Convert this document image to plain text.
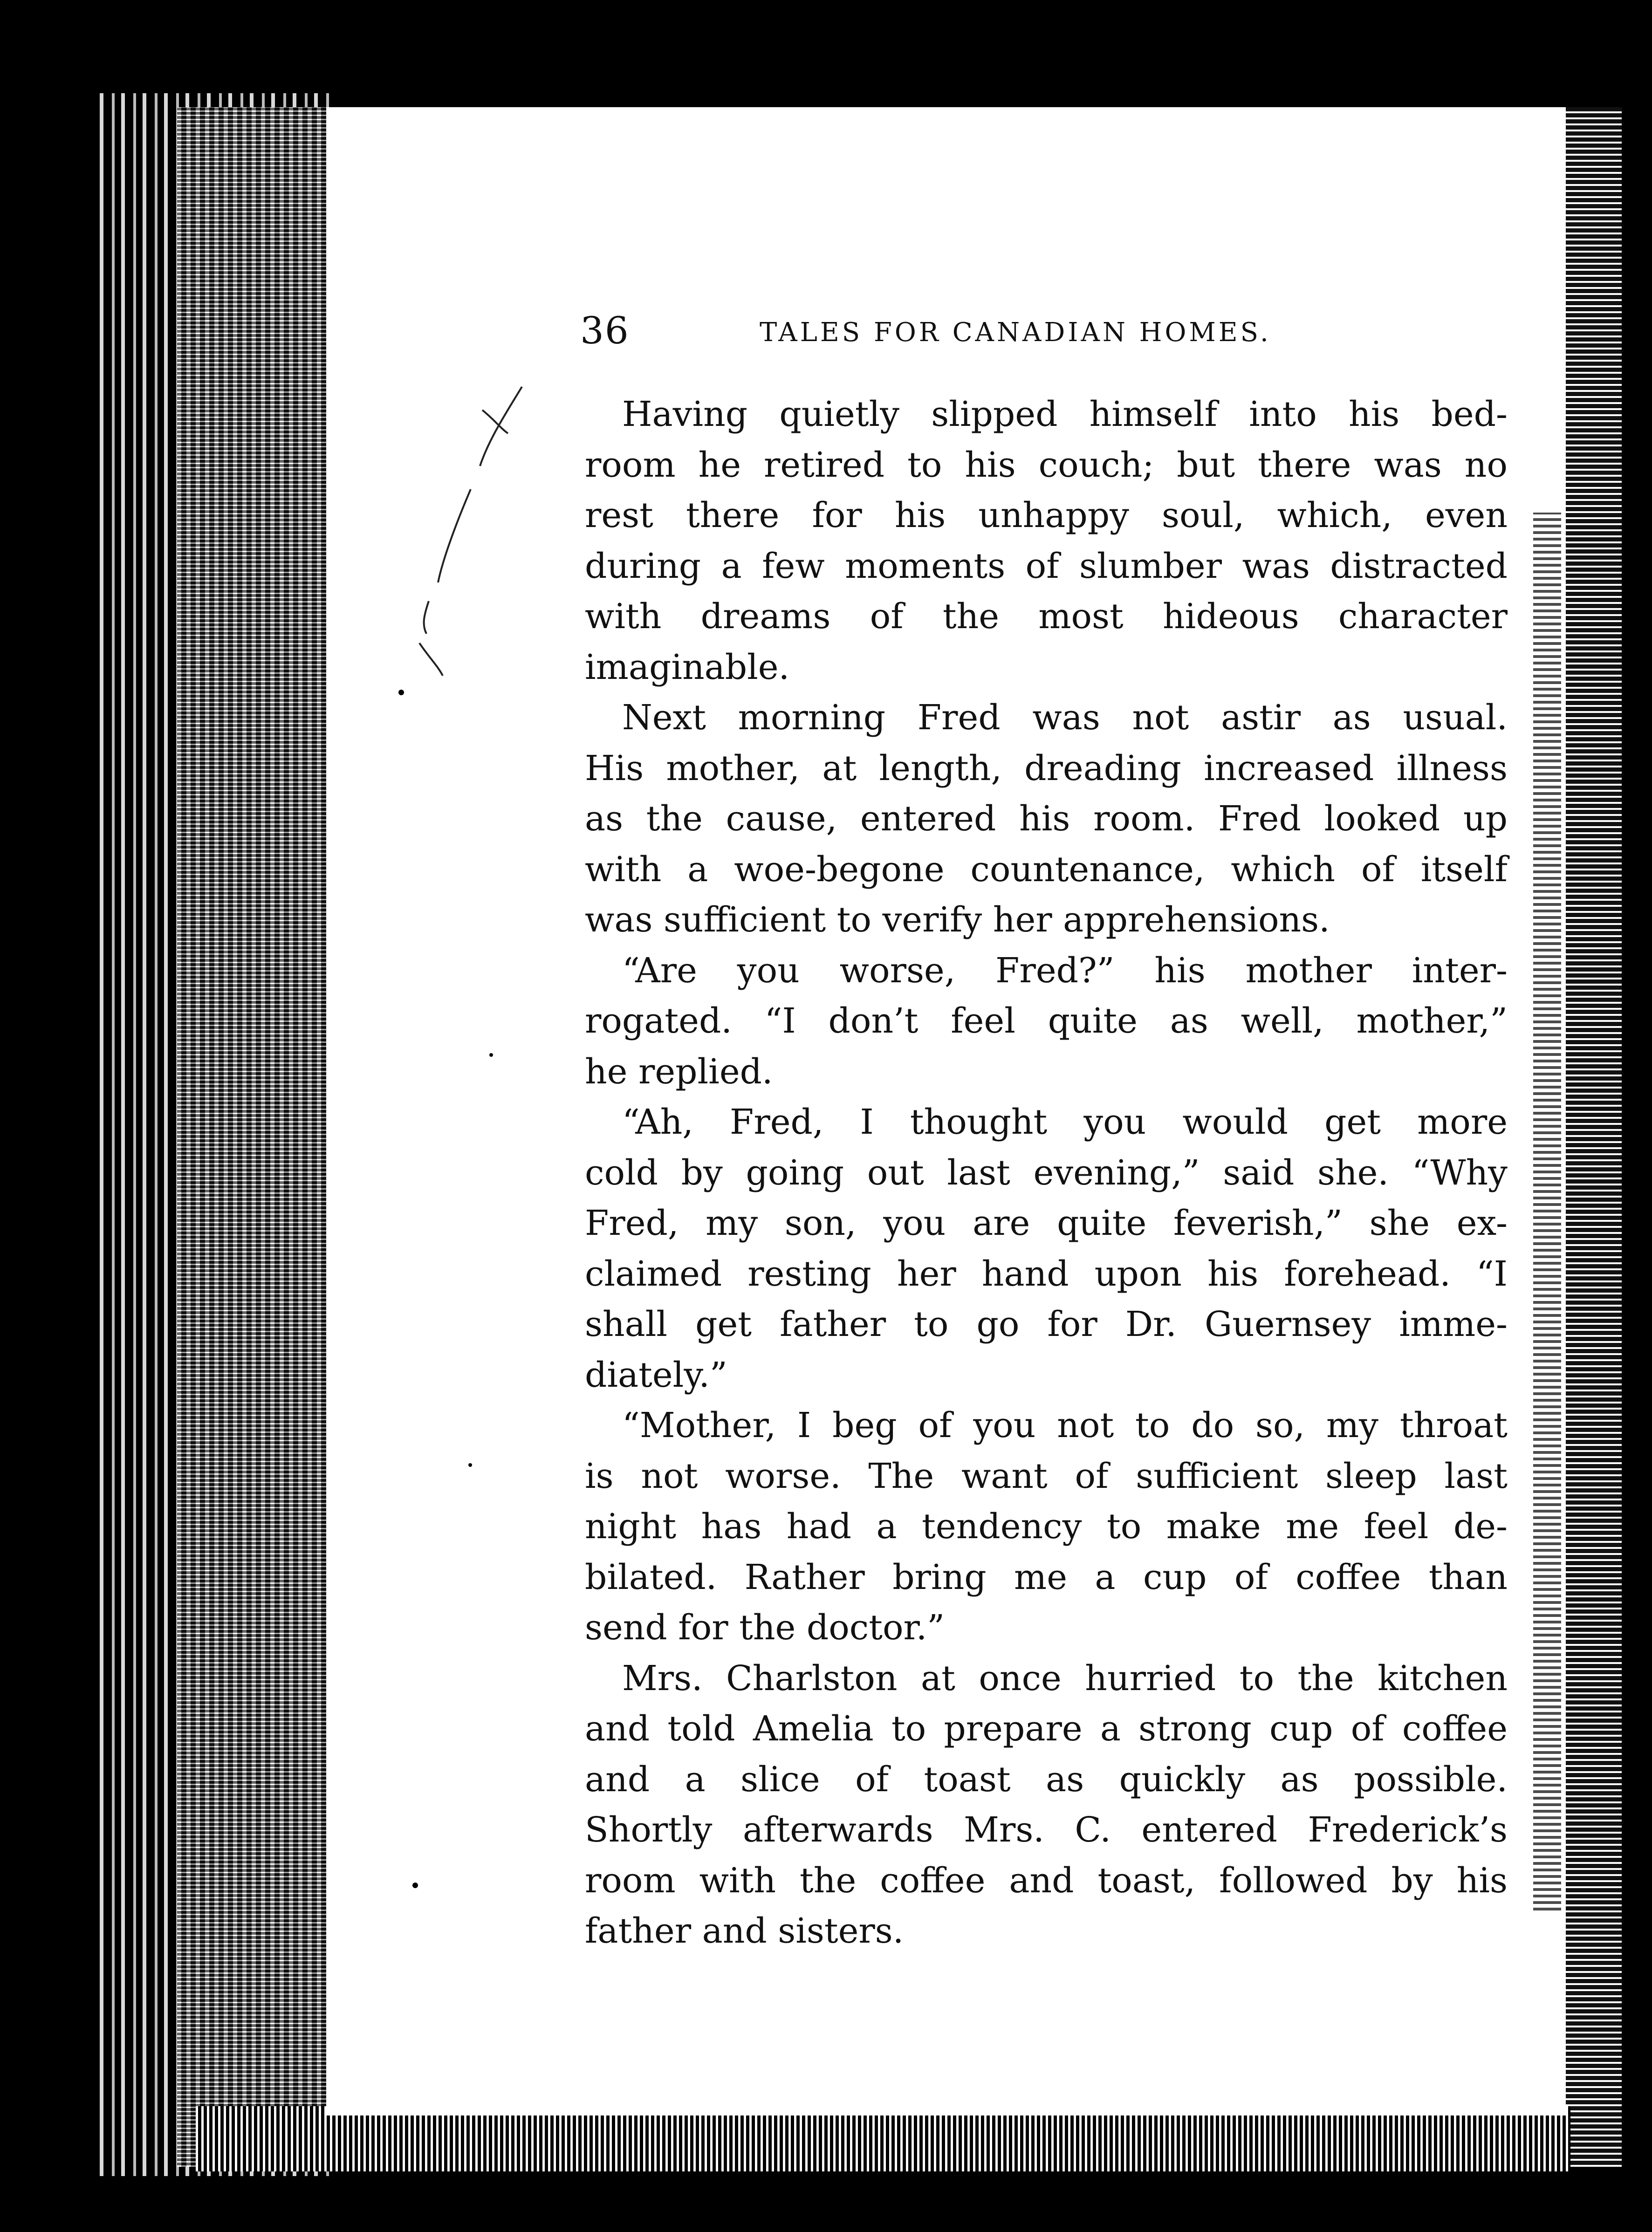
36	TALES FOR CANADIAN HOMES.

Having quietly slipped himself into his bed-
room he retired to his couch; but there was no
rest there for his unhappy soul, which, even
during a few moments of slumber was distracted
with dreams of the most hideous character
imaginable.

Next morning Fred was not astir as usual.
His mother, at length, dreading increased illness
as the cause, entered his room. Fred looked up
with a woe-begone countenance, which of itself
was sufficient to verify her apprehensions.

“Are you worse, Fred?” his mother inter-
rogated. “I don’t feel quite as well, mother,”
he replied.

“Ah, Fred, I thought you would get more
cold by going out last evening,” said she. “Why
Fred, my son, you are quite feverish,” she ex-
claimed resting her hand upon his forehead. “I
shall get father to go for Dr. Guernsey imme-
diately.”

“Mother, I beg of you not to do so, my throat
is not worse. The want of sufficient sleep last
night has had a tendency to make me feel de-
bilated. Rather bring me a cup of coffee than
send for the doctor.”

Mrs. Charlston at once hurried to the kitchen
and told Amelia to prepare a strong cup of coffee
and a slice of toast as quickly as possible.
Shortly afterwards Mrs. C. entered Frederick’s
room with the coffee and toast, followed by his
father and sisters.
